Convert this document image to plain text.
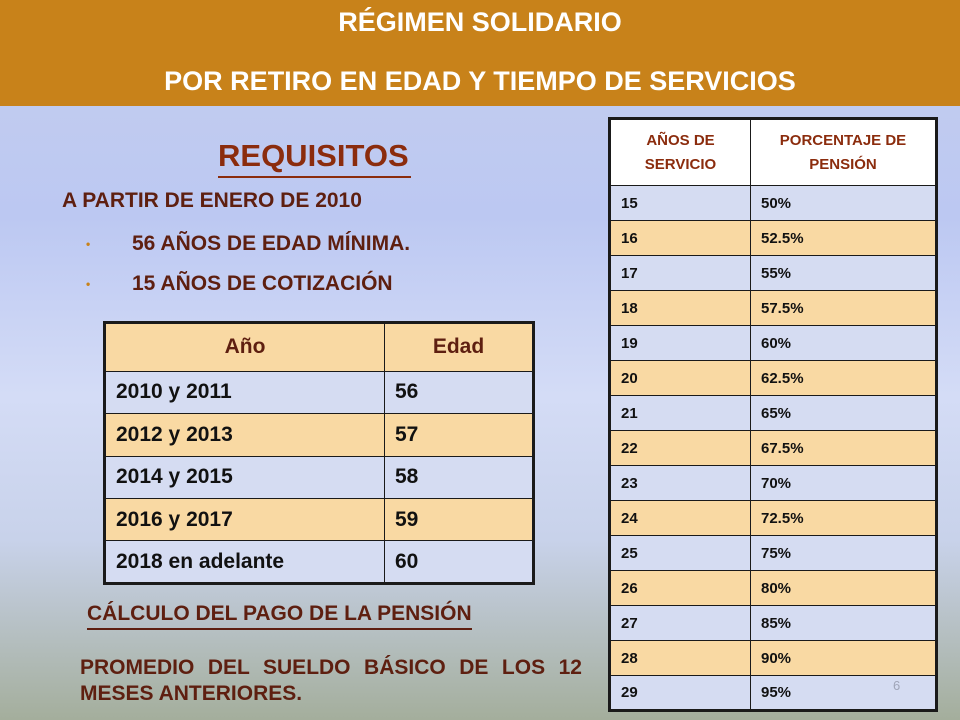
RÉGIMEN SOLIDARIO
POR RETIRO EN EDAD Y TIEMPO DE SERVICIOS
REQUISITOS
A PARTIR DE ENERO DE 2010
• 56 AÑOS DE EDAD MÍNIMA.
• 15 AÑOS DE COTIZACIÓN
Año	Edad
2010 y 2011	56
2012 y 2013	57
2014 y 2015	58
2016 y 2017	59
2018 en adelante	60
CÁLCULO DEL PAGO DE LA PENSIÓN
PROMEDIO DEL SUELDO BÁSICO DE LOS 12 MESES ANTERIORES.
AÑOS DE SERVICIO	PORCENTAJE DE PENSIÓN
15	50%
16	52.5%
17	55%
18	57.5%
19	60%
20	62.5%
21	65%
22	67.5%
23	70%
24	72.5%
25	75%
26	80%
27	85%
28	90%
29	95%	6
